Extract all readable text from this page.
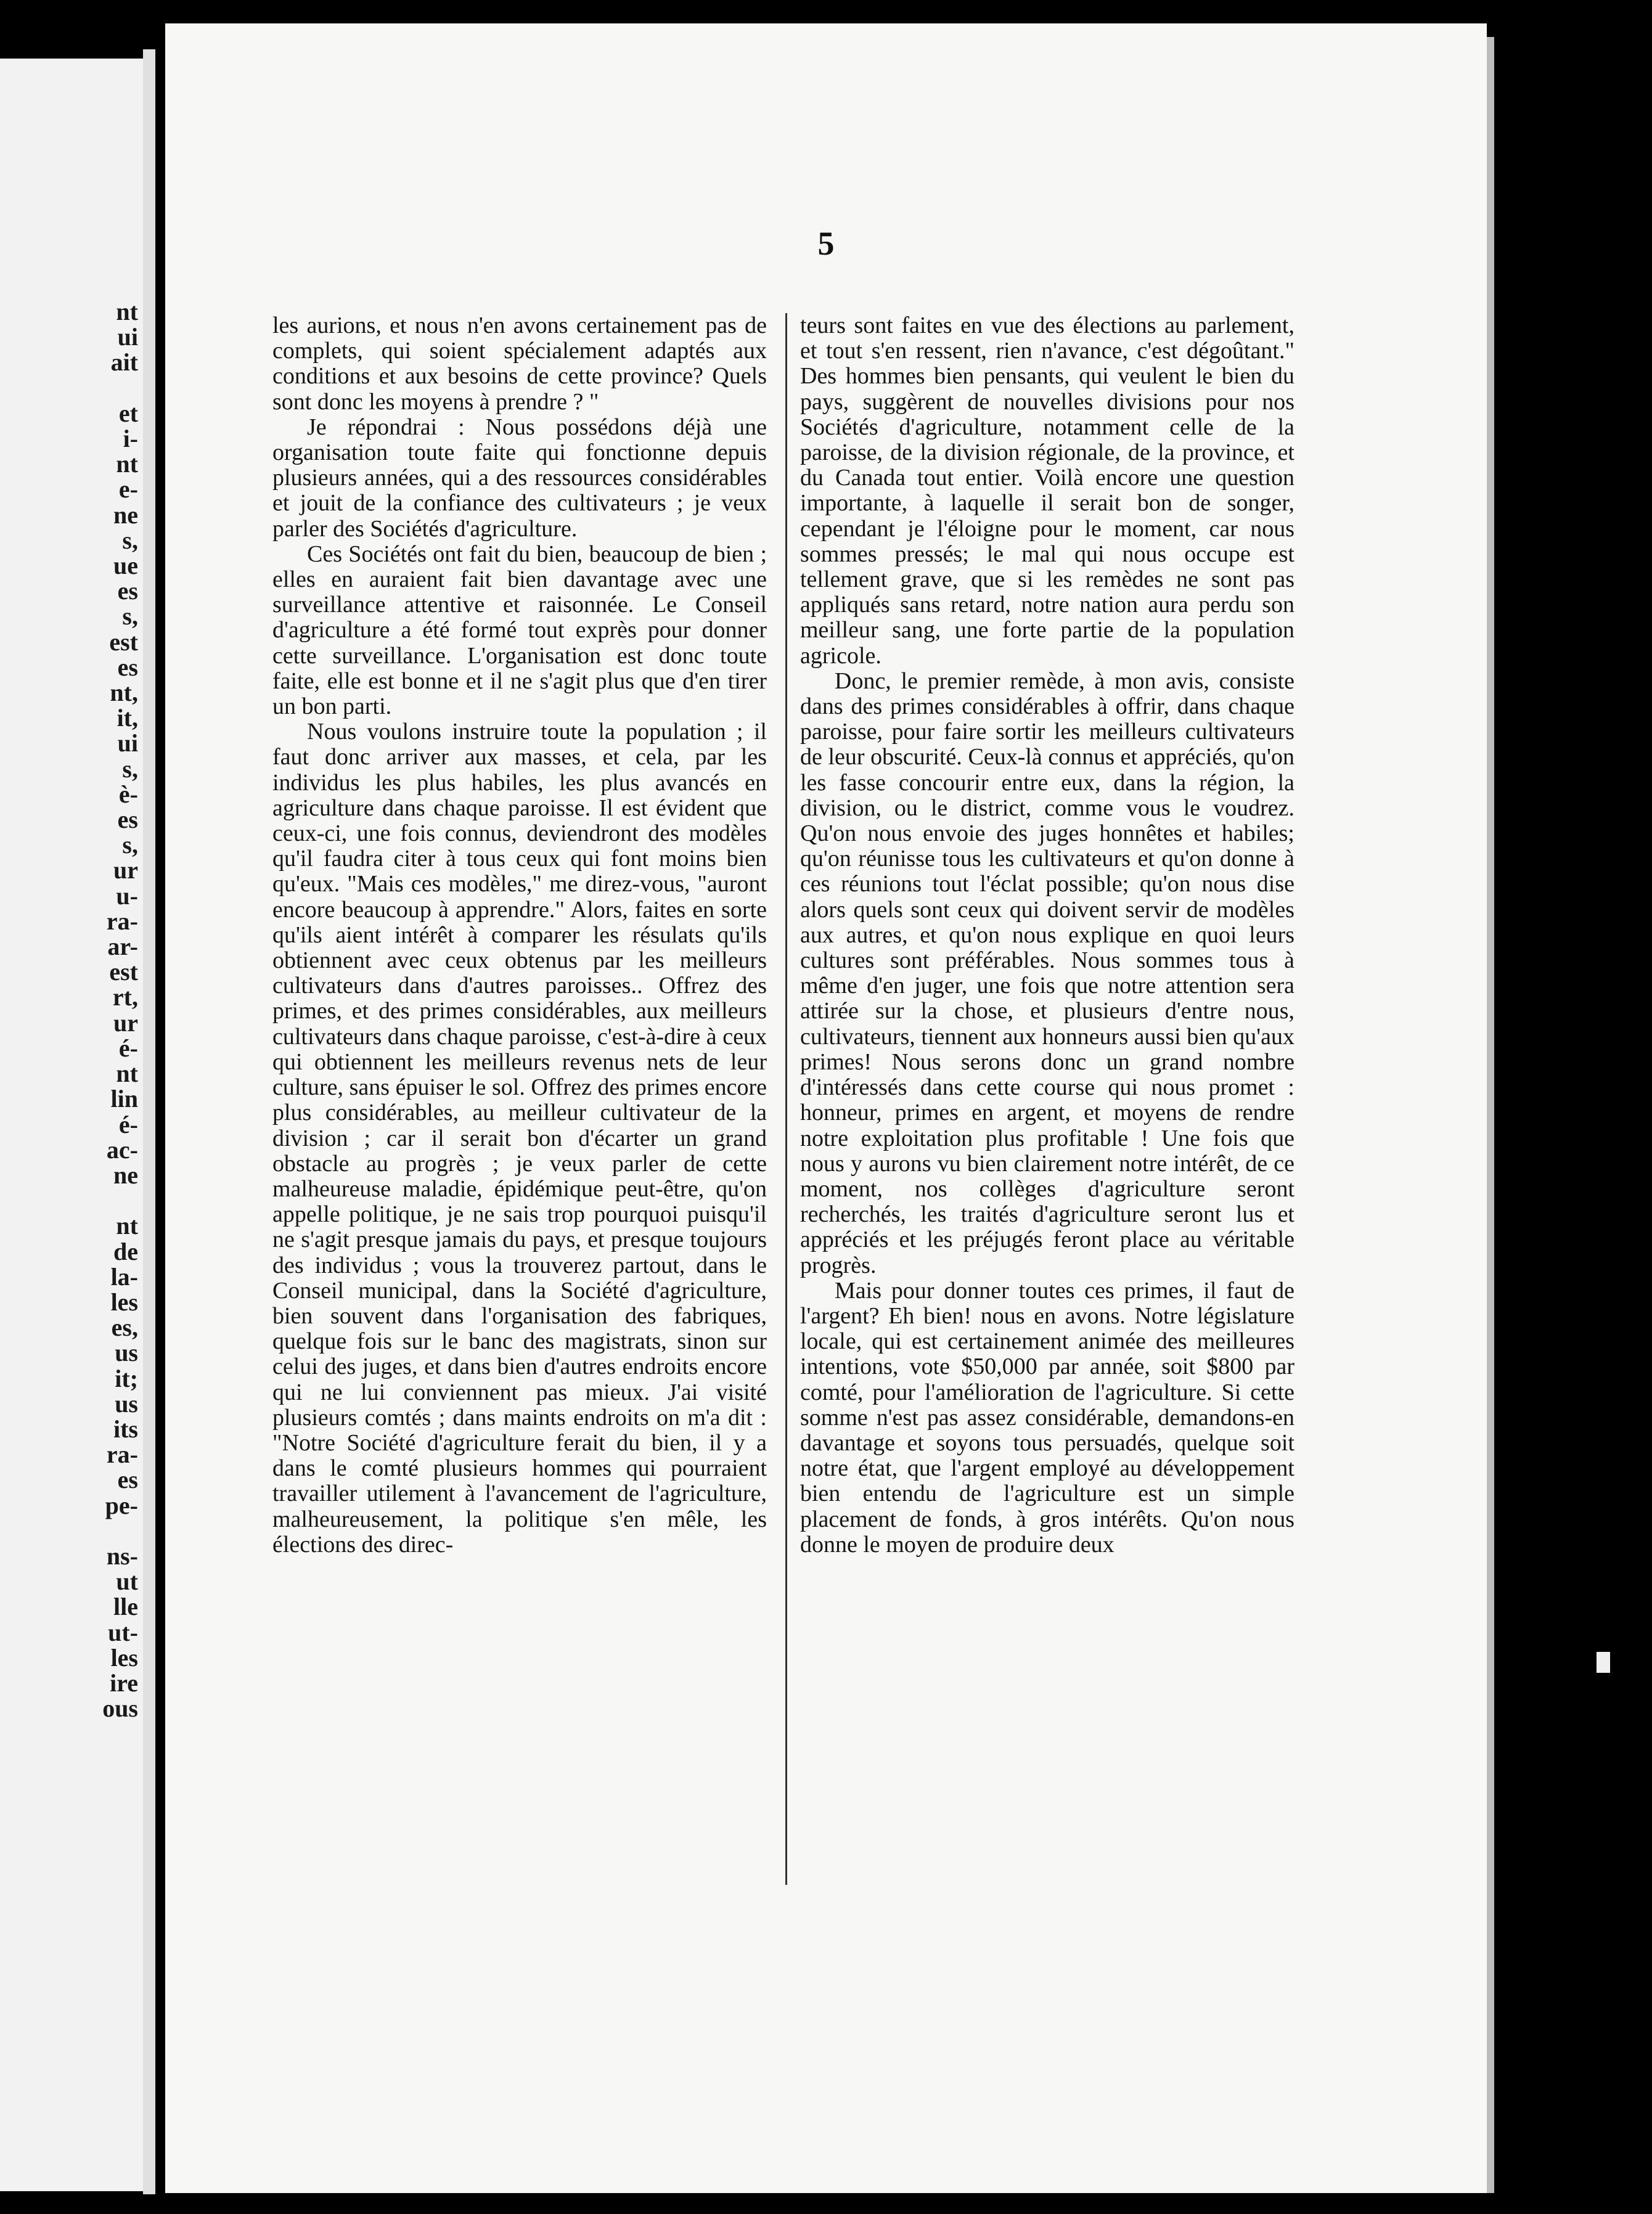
nt
ui
ait

et
i-
nt
e-
ne
s,
ue
es
s,
est
es
nt,
it,
ui
s,
è-
es
s,
ur
u-
ra-
ar-
est
rt,
ur
é-
nt
lin
é-
ac-
ne

nt
de
la-
les
es,
us
it;
us
its
ra-
es
pe-

ns-
ut
lle
ut-
les
ire
ous
5

les aurions, et nous n'en avons certainement pas de complets, qui soient spécialement adaptés aux conditions et aux besoins de cette province? Quels sont donc les moyens à prendre ? "

Je répondrai : Nous possédons déjà une organisation toute faite qui fonctionne depuis plusieurs années, qui a des ressources considérables et jouit de la confiance des cultivateurs ; je veux parler des Sociétés d'agriculture.

Ces Sociétés ont fait du bien, beaucoup de bien ; elles en auraient fait bien davantage avec une surveillance attentive et raisonnée. Le Conseil d'agriculture a été formé tout exprès pour donner cette surveillance. L'organisation est donc toute faite, elle est bonne et il ne s'agit plus que d'en tirer un bon parti.

Nous voulons instruire toute la population ; il faut donc arriver aux masses, et cela, par les individus les plus habiles, les plus avancés en agriculture dans chaque paroisse. Il est évident que ceux-ci, une fois connus, deviendront des modèles qu'il faudra citer à tous ceux qui font moins bien qu'eux. "Mais ces modèles," me direz-vous, "auront encore beaucoup à apprendre." Alors, faites en sorte qu'ils aient intérêt à comparer les résulats qu'ils obtiennent avec ceux obtenus par les meilleurs cultivateurs dans d'autres paroisses.. Offrez des primes, et des primes considérables, aux meilleurs cultivateurs dans chaque paroisse, c'est-à-dire à ceux qui obtiennent les meilleurs revenus nets de leur culture, sans épuiser le sol. Offrez des primes encore plus considérables, au meilleur cultivateur de la division ; car il serait bon d'écarter un grand obstacle au progrès ; je veux parler de cette malheureuse maladie, épidémique peut-être, qu'on appelle politique, je ne sais trop pourquoi puisqu'il ne s'agit presque jamais du pays, et presque toujours des individus ; vous la trouverez partout, dans le Conseil municipal, dans la Société d'agriculture, bien souvent dans l'organisation des fabriques, quelque fois sur le banc des magistrats, sinon sur celui des juges, et dans bien d'autres endroits encore qui ne lui conviennent pas mieux. J'ai visité plusieurs comtés ; dans maints endroits on m'a dit : "Notre Société d'agriculture ferait du bien, il y a dans le comté plusieurs hommes qui pourraient travailler utilement à l'avancement de l'agriculture, malheureusement, la politique s'en mêle, les élections des direc-

teurs sont faites en vue des élections au parlement, et tout s'en ressent, rien n'avance, c'est dégoûtant." Des hommes bien pensants, qui veulent le bien du pays, suggèrent de nouvelles divisions pour nos Sociétés d'agriculture, notamment celle de la paroisse, de la division régionale, de la province, et du Canada tout entier. Voilà encore une question importante, à laquelle il serait bon de songer, cependant je l'éloigne pour le moment, car nous sommes pressés; le mal qui nous occupe est tellement grave, que si les remèdes ne sont pas appliqués sans retard, notre nation aura perdu son meilleur sang, une forte partie de la population agricole.

Donc, le premier remède, à mon avis, consiste dans des primes considérables à offrir, dans chaque paroisse, pour faire sortir les meilleurs cultivateurs de leur obscurité. Ceux-là connus et appréciés, qu'on les fasse concourir entre eux, dans la région, la division, ou le district, comme vous le voudrez. Qu'on nous envoie des juges honnêtes et habiles; qu'on réunisse tous les cultivateurs et qu'on donne à ces réunions tout l'éclat possible; qu'on nous dise alors quels sont ceux qui doivent servir de modèles aux autres, et qu'on nous explique en quoi leurs cultures sont préférables. Nous sommes tous à même d'en juger, une fois que notre attention sera attirée sur la chose, et plusieurs d'entre nous, cultivateurs, tiennent aux honneurs aussi bien qu'aux primes! Nous serons donc un grand nombre d'intéressés dans cette course qui nous promet : honneur, primes en argent, et moyens de rendre notre exploitation plus profitable ! Une fois que nous y aurons vu bien clairement notre intérêt, de ce moment, nos collèges d'agriculture seront recherchés, les traités d'agriculture seront lus et appréciés et les préjugés feront place au véritable progrès.

Mais pour donner toutes ces primes, il faut de l'argent? Eh bien! nous en avons. Notre législature locale, qui est certainement animée des meilleures intentions, vote $50,000 par année, soit $800 par comté, pour l'amélioration de l'agriculture. Si cette somme n'est pas assez considérable, demandons-en davantage et soyons tous persuadés, quelque soit notre état, que l'argent employé au développement bien entendu de l'agriculture est un simple placement de fonds, à gros intérêts. Qu'on nous donne le moyen de produire deux
